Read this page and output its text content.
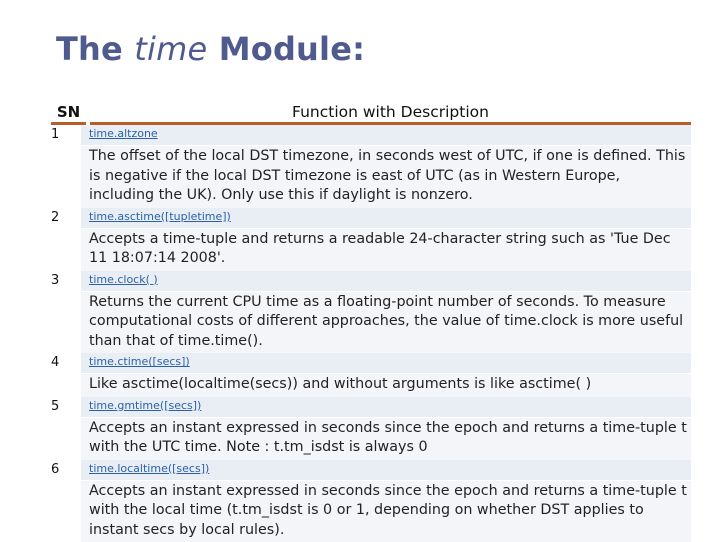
The time Module:
SN	Function with Description
1	time.altzone
The offset of the local DST timezone, in seconds west of UTC, if one is defined. This is negative if the local DST timezone is east of UTC (as in Western Europe, including the UK). Only use this if daylight is nonzero.
2	time.asctime([tupletime])
Accepts a time-tuple and returns a readable 24-character string such as 'Tue Dec 11 18:07:14 2008'.
3	time.clock( )
Returns the current CPU time as a floating-point number of seconds. To measure computational costs of different approaches, the value of time.clock is more useful than that of time.time().
4	time.ctime([secs])
Like asctime(localtime(secs)) and without arguments is like asctime( )
5	time.gmtime([secs])
Accepts an instant expressed in seconds since the epoch and returns a time-tuple t with the UTC time. Note : t.tm_isdst is always 0
6	time.localtime([secs])
Accepts an instant expressed in seconds since the epoch and returns a time-tuple t with the local time (t.tm_isdst is 0 or 1, depending on whether DST applies to instant secs by local rules).
